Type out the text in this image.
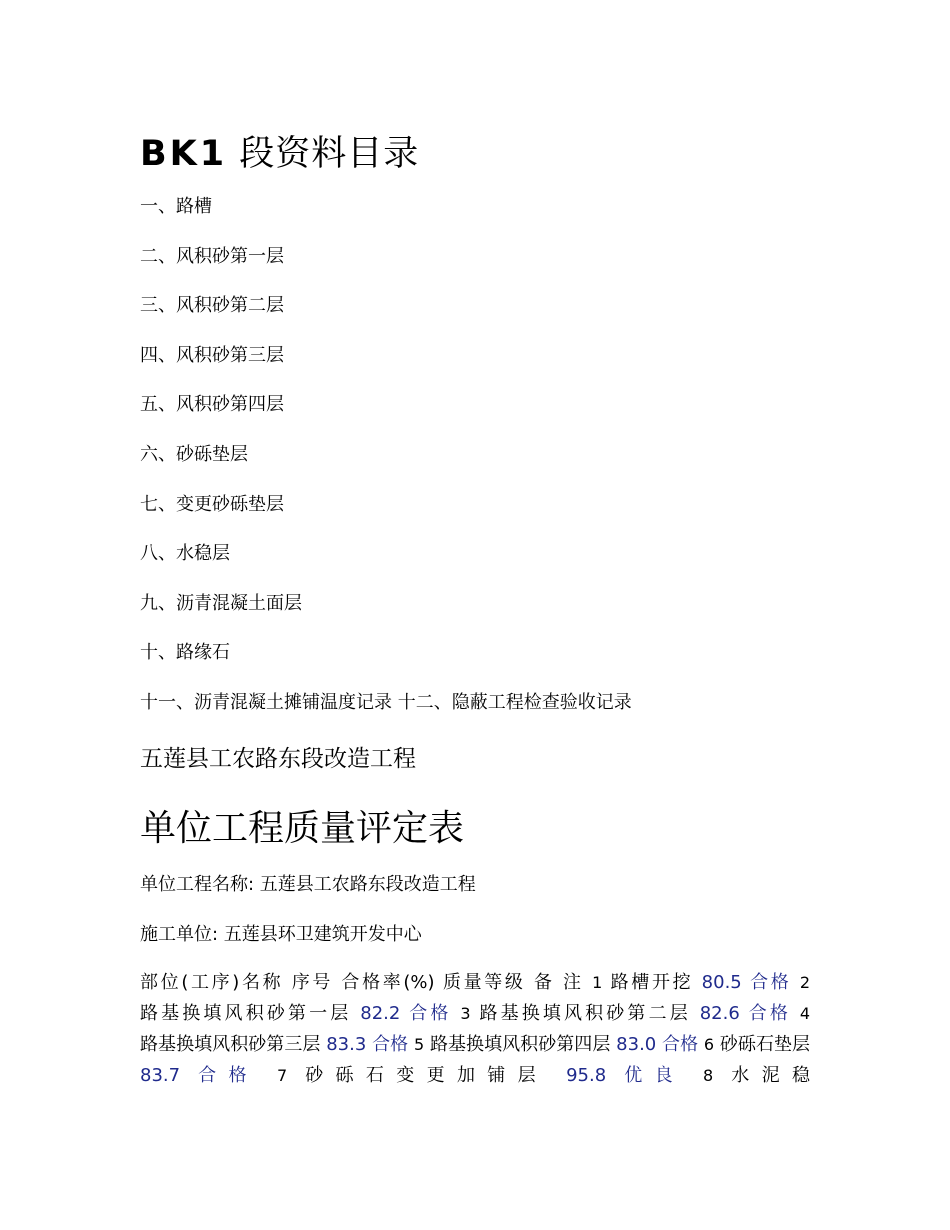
BK1 段资料目录
一、路槽
二、风积砂第一层
三、风积砂第二层
四、风积砂第三层
五、风积砂第四层
六、砂砾垫层
七、变更砂砾垫层
八、水稳层
九、沥青混凝土面层
十、路缘石
十一、沥青混凝土摊铺温度记录 十二、隐蔽工程检查验收记录
五莲县工农路东段改造工程
单位工程质量评定表
单位工程名称: 五莲县工农路东段改造工程
施工单位: 五莲县环卫建筑开发中心
部位(工序)名称 序号 合格率(%) 质量等级 备 注 1 路槽开挖 80.5 合格 2 路基换填风积砂第一层 82.2 合格 3 路基换填风积砂第二层 82.6 合格 4 路基换填风积砂第三层 83.3 合格 5 路基换填风积砂第四层 83.0 合格 6 砂砾石垫层 83.7 合格 7 砂砾石变更加铺层 95.8 优良 8 水泥稳
